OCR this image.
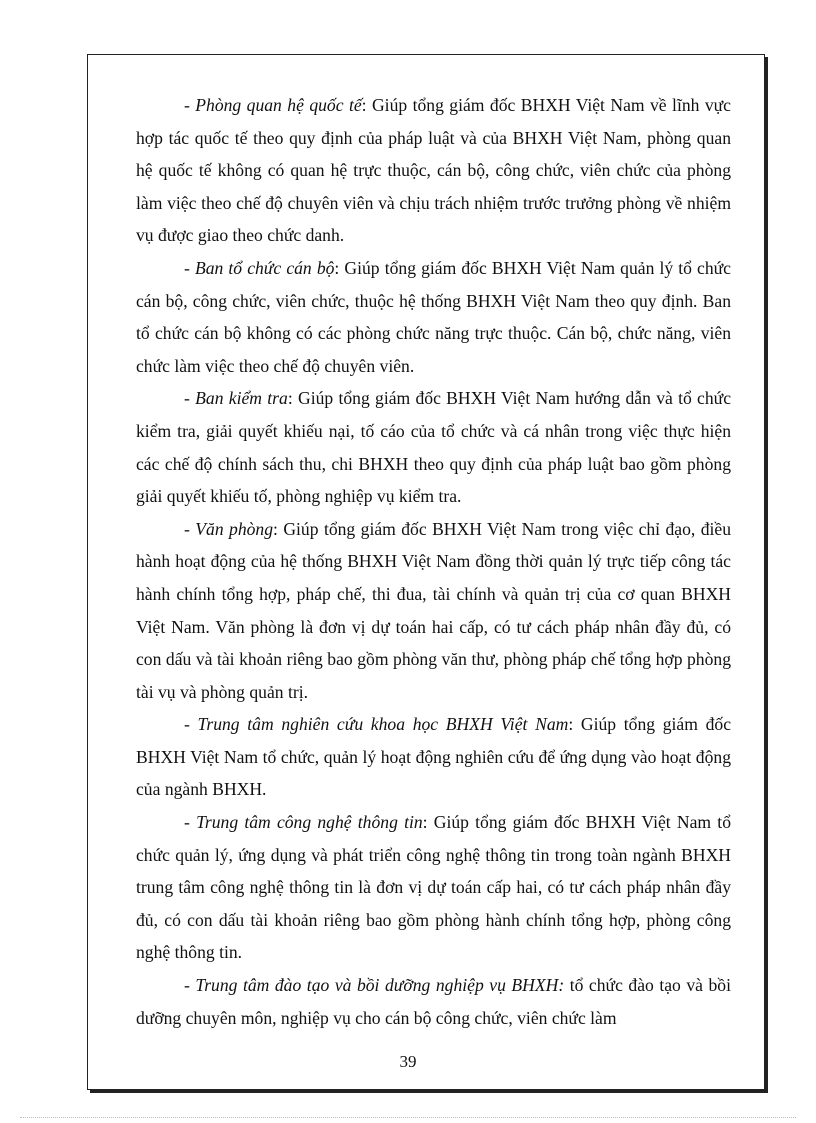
- Phòng quan hệ quốc tế: Giúp tổng giám đốc BHXH Việt Nam về lĩnh vực hợp tác quốc tế theo quy định của pháp luật và của BHXH Việt Nam, phòng quan hệ quốc tế không có quan hệ trực thuộc, cán bộ, công chức, viên chức của phòng làm việc theo chế độ chuyên viên và chịu trách nhiệm trước trưởng phòng về nhiệm vụ được giao theo chức danh.

- Ban tổ chức cán bộ: Giúp tổng giám đốc BHXH Việt Nam quản lý tổ chức cán bộ, công chức, viên chức, thuộc hệ thống BHXH Việt Nam theo quy định. Ban tổ chức cán bộ không có các phòng chức năng trực thuộc. Cán bộ, chức năng, viên chức làm việc theo chế độ chuyên viên.

- Ban kiểm tra: Giúp tổng giám đốc BHXH Việt Nam hướng dẫn và tổ chức kiểm tra, giải quyết khiếu nại, tố cáo của tổ chức và cá nhân trong việc thực hiện các chế độ chính sách thu, chi BHXH theo quy định của pháp luật bao gồm phòng giải quyết khiếu tố, phòng nghiệp vụ kiểm tra.

- Văn phòng: Giúp tổng giám đốc BHXH Việt Nam trong việc chỉ đạo, điều hành hoạt động của hệ thống BHXH Việt Nam đồng thời quản lý trực tiếp công tác hành chính tổng hợp, pháp chế, thi đua, tài chính và quản trị của cơ quan BHXH Việt Nam. Văn phòng là đơn vị dự toán hai cấp, có tư cách pháp nhân đầy đủ, có con dấu và tài khoản riêng bao gồm phòng văn thư, phòng pháp chế tổng hợp phòng tài vụ và phòng quản trị.

- Trung tâm nghiên cứu khoa học BHXH Việt Nam: Giúp tổng giám đốc BHXH Việt Nam tổ chức, quản lý hoạt động nghiên cứu để ứng dụng vào hoạt động của ngành BHXH.

- Trung tâm công nghệ thông tin: Giúp tổng giám đốc BHXH Việt Nam tổ chức quản lý, ứng dụng và phát triển công nghệ thông tin trong toàn ngành BHXH trung tâm công nghệ thông tin là đơn vị dự toán cấp hai, có tư cách pháp nhân đầy đủ, có con dấu tài khoản riêng bao gồm phòng hành chính tổng hợp, phòng công nghệ thông tin.

- Trung tâm đào tạo và bồi dưỡng nghiệp vụ BHXH: tổ chức đào tạo và bồi dưỡng chuyên môn, nghiệp vụ cho cán bộ công chức, viên chức làm

39
